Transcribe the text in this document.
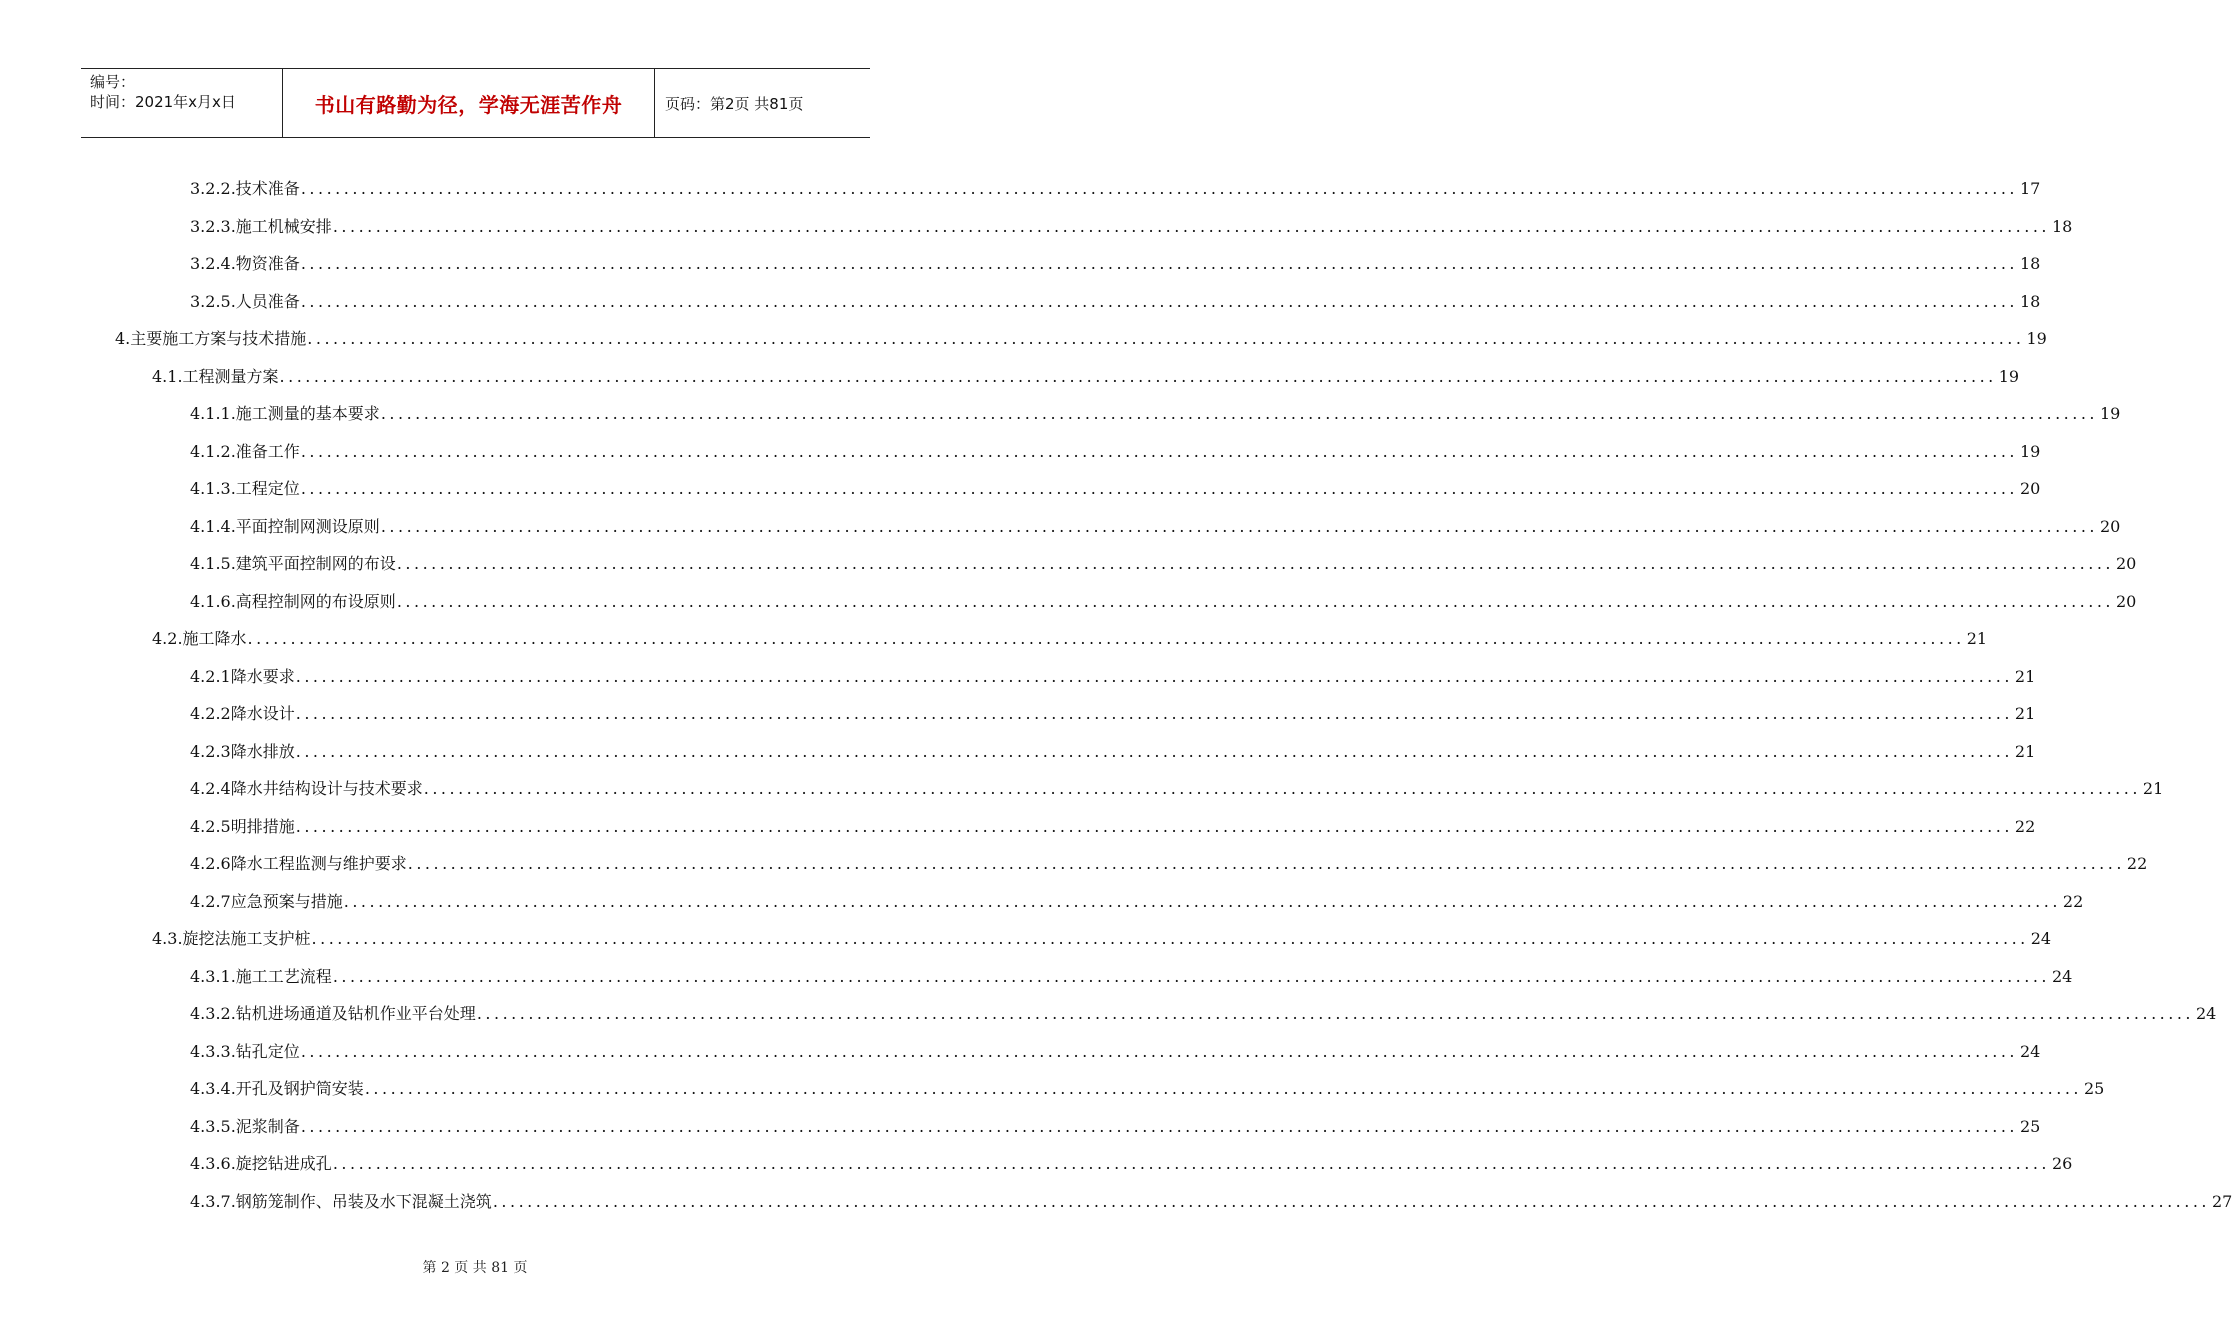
编号：
时间：2021年x月x日	书山有路勤为径，学海无涯苦作舟	页码：第2页 共81页
3.2.2. 技术准备 ........................................................................................................................................................................................................ 17
3.2.3. 施工机械安排 ........................................................................................................................................................................................................ 18
3.2.4. 物资准备 ........................................................................................................................................................................................................ 18
3.2.5. 人员准备 ........................................................................................................................................................................................................ 18
4. 主要施工方案与技术措施 ........................................................................................................................................................................................................ 19
4.1. 工程测量方案 ........................................................................................................................................................................................................ 19
4.1.1. 施工测量的基本要求 ........................................................................................................................................................................................................ 19
4.1.2. 准备工作 ........................................................................................................................................................................................................ 19
4.1.3. 工程定位 ........................................................................................................................................................................................................ 20
4.1.4. 平面控制网测设原则 ........................................................................................................................................................................................................ 20
4.1.5. 建筑平面控制网的布设 ........................................................................................................................................................................................................ 20
4.1.6. 高程控制网的布设原则 ........................................................................................................................................................................................................ 20
4.2. 施工降水 ........................................................................................................................................................................................................ 21
4.2.1 降水要求 ........................................................................................................................................................................................................ 21
4.2.2 降水设计 ........................................................................................................................................................................................................ 21
4.2.3 降水排放 ........................................................................................................................................................................................................ 21
4.2.4 降水井结构设计与技术要求 ........................................................................................................................................................................................................ 21
4.2.5 明排措施 ........................................................................................................................................................................................................ 22
4.2.6 降水工程监测与维护要求 ........................................................................................................................................................................................................ 22
4.2.7 应急预案与措施 ........................................................................................................................................................................................................ 22
4.3. 旋挖法施工支护桩 ........................................................................................................................................................................................................ 24
4.3.1. 施工工艺流程 ........................................................................................................................................................................................................ 24
4.3.2. 钻机进场通道及钻机作业平台处理 ........................................................................................................................................................................................................ 24
4.3.3. 钻孔定位 ........................................................................................................................................................................................................ 24
4.3.4. 开孔及钢护筒安装 ........................................................................................................................................................................................................ 25
4.3.5. 泥浆制备 ........................................................................................................................................................................................................ 25
4.3.6. 旋挖钻进成孔 ........................................................................................................................................................................................................ 26
4.3.7. 钢筋笼制作、吊装及水下混凝土浇筑 ........................................................................................................................................................................................................ 27
第 2 页 共 81 页
